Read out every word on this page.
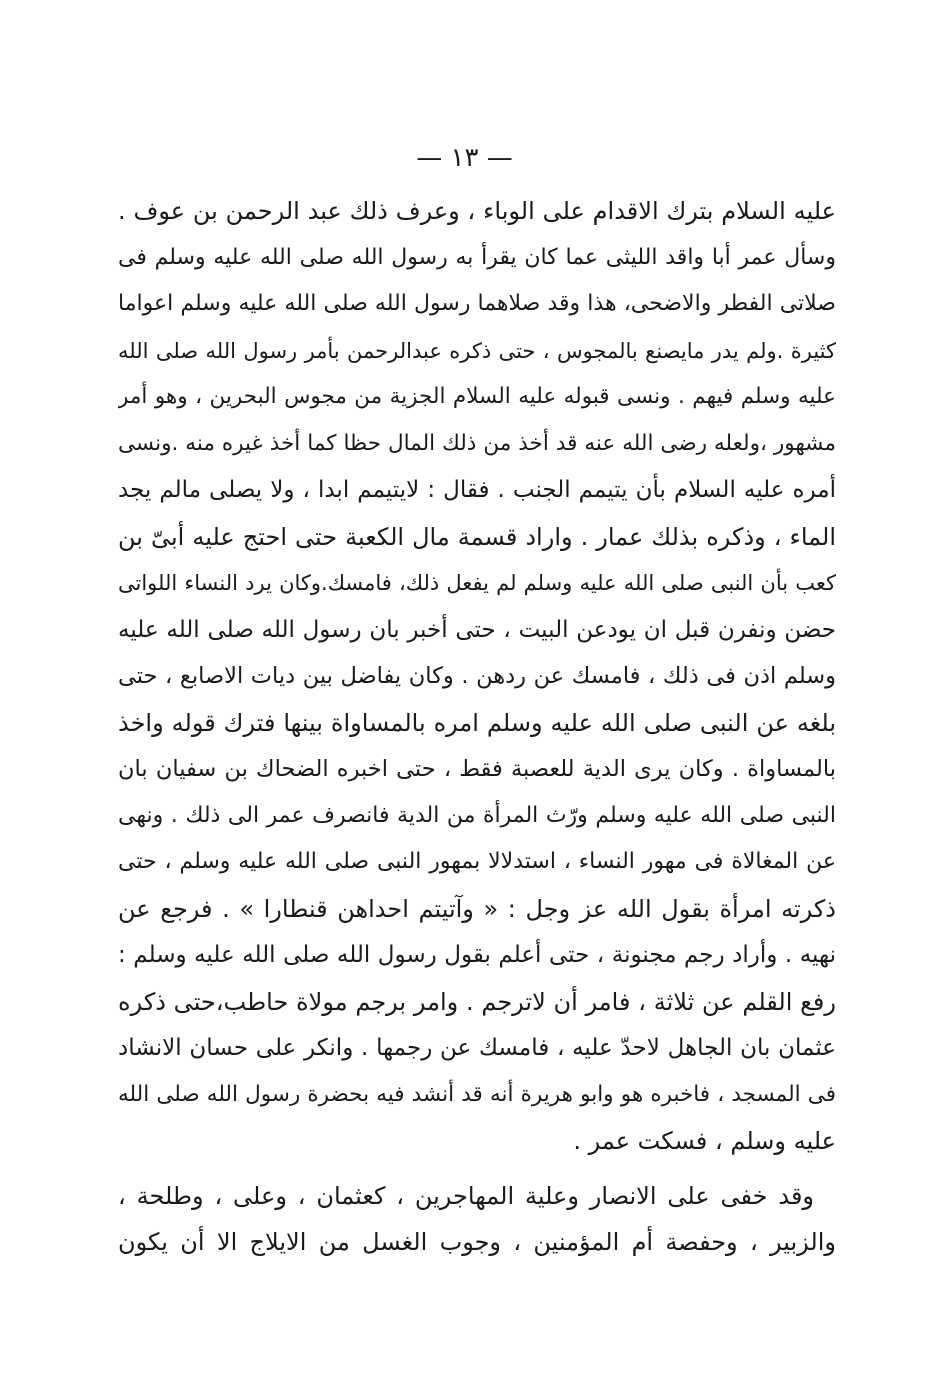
— ١٣ —
عليه السلام بترك الاقدام على الوباء ، وعرف ذلك عبد الرحمن بن عوف .
وسأل عمر أبا واقد الليثى عما كان يقرأ به رسول الله صلى الله عليه وسلم فى
صلاتى الفطر والاضحى، هذا وقد صلاهما رسول الله صلى الله عليه وسلم اعواما
كثيرة .ولم يدر مايصنع بالمجوس ، حتى ذكره عبدالرحمن بأمر رسول الله صلى الله
عليه وسلم فيهم . ونسى قبوله عليه السلام الجزية من مجوس البحرين ، وهو أمر
مشهور ،ولعله رضى الله عنه قد أخذ من ذلك المال حظا كما أخذ غيره منه .ونسى
أمره عليه السلام بأن يتيمم الجنب . فقال : لايتيمم ابدا ، ولا يصلى مالم يجد
الماء ، وذكره بذلك عمار . واراد قسمة مال الكعبة حتى احتج عليه أبىّ بن
كعب بأن النبى صلى الله عليه وسلم لم يفعل ذلك، فامسك.وكان يرد النساء اللواتى
حضن ونفرن قبل ان يودعن البيت ، حتى أخبر بان رسول الله صلى الله عليه
وسلم اذن فى ذلك ، فامسك عن ردهن . وكان يفاضل بين ديات الاصابع ، حتى
بلغه عن النبى صلى الله عليه وسلم امره بالمساواة بينها فترك قوله واخذ
بالمساواة . وكان يرى الدية للعصبة فقط ، حتى اخبره الضحاك بن سفيان بان
النبى صلى الله عليه وسلم ورّث المرأة من الدية فانصرف عمر الى ذلك . ونهى
عن المغالاة فى مهور النساء ، استدلالا بمهور النبى صلى الله عليه وسلم ، حتى
ذكرته امرأة بقول الله عز وجل : « وآتيتم احداهن قنطارا » . فرجع عن
نهيه . وأراد رجم مجنونة ، حتى أعلم بقول رسول الله صلى الله عليه وسلم :
رفع القلم عن ثلاثة ، فامر أن لاترجم . وامر برجم مولاة حاطب،حتى ذكره
عثمان بان الجاهل لاحدّ عليه ، فامسك عن رجمها . وانكر على حسان الانشاد
فى المسجد ، فاخبره هو وابو هريرة أنه قد أنشد فيه بحضرة رسول الله صلى الله
عليه وسلم ، فسكت عمر .
وقد خفى على الانصار وعلية المهاجرين ، كعثمان ، وعلى ، وطلحة ،
والزبير ، وحفصة أم المؤمنين ، وجوب الغسل من الايلاج الا أن يكون
